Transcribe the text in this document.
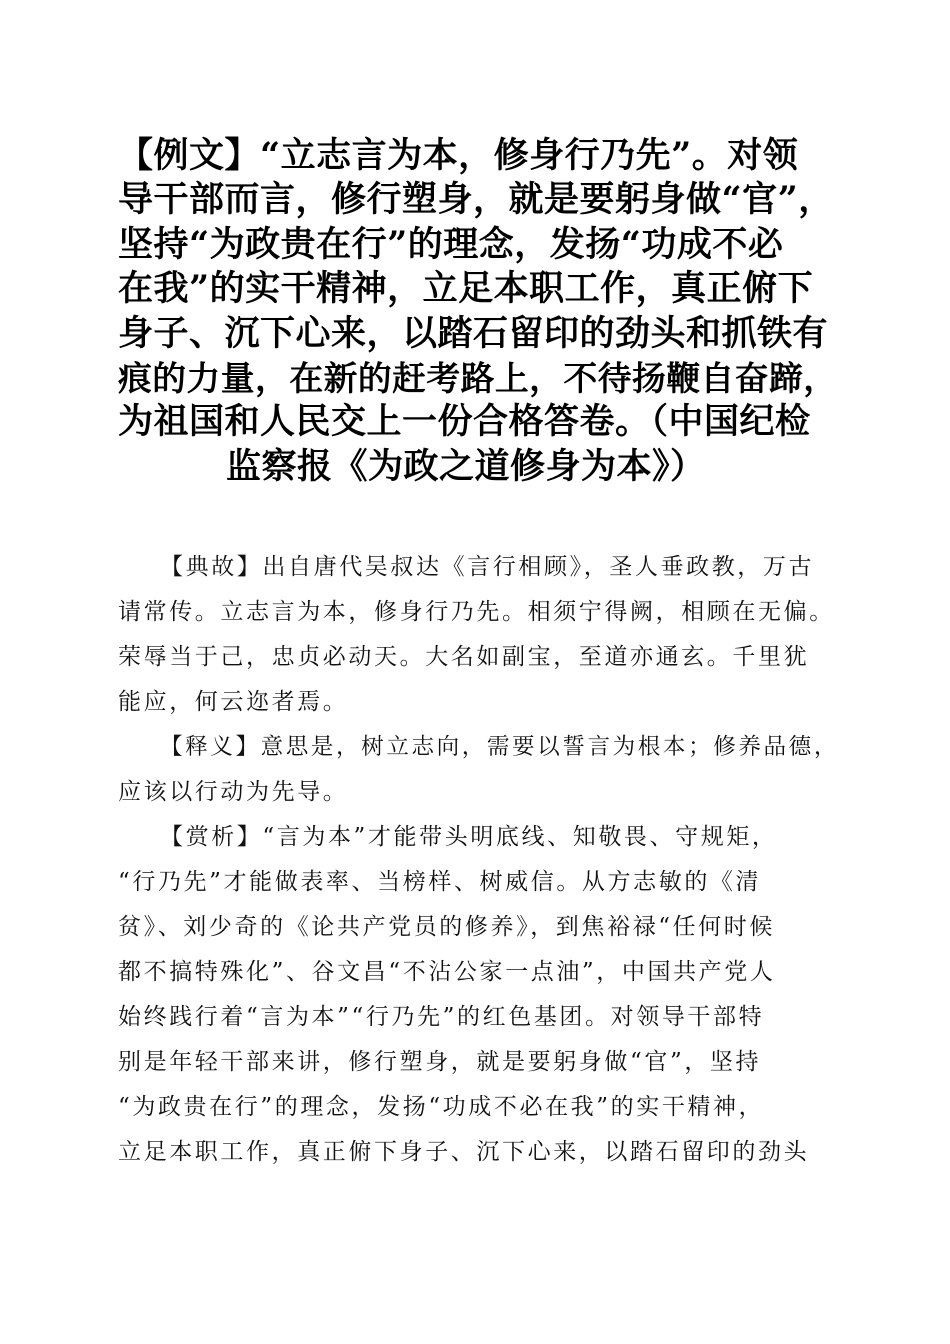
【例文】“立志言为本，修身行乃先”。对领
导干部而言，修行塑身，就是要躬身做“官”，
坚持“为政贵在行”的理念，发扬“功成不必
在我”的实干精神，立足本职工作，真正俯下
身子、沉下心来，以踏石留印的劲头和抓铁有
痕的力量，在新的赶考路上，不待扬鞭自奋蹄，
为祖国和人民交上一份合格答卷。（中国纪检
监察报《为政之道修身为本》）
【典故】出自唐代吴叔达《言行相顾》，圣人垂政教，万古
请常传。立志言为本，修身行乃先。相须宁得阙，相顾在无偏。
荣辱当于己，忠贞必动天。大名如副宝，至道亦通玄。千里犹
能应，何云迩者焉。
【释义】意思是，树立志向，需要以誓言为根本；修养品德，
应该以行动为先导。
【赏析】“言为本”才能带头明底线、知敬畏、守规矩，
“行乃先”才能做表率、当榜样、树威信。从方志敏的《清
贫》、刘少奇的《论共产党员的修养》，到焦裕禄“任何时候
都不搞特殊化”、谷文昌“不沾公家一点油”，中国共产党人
始终践行着“言为本”“行乃先”的红色基团。对领导干部特
别是年轻干部来讲，修行塑身，就是要躬身做“官”，坚持
“为政贵在行”的理念，发扬“功成不必在我”的实干精神，
立足本职工作，真正俯下身子、沉下心来，以踏石留印的劲头
